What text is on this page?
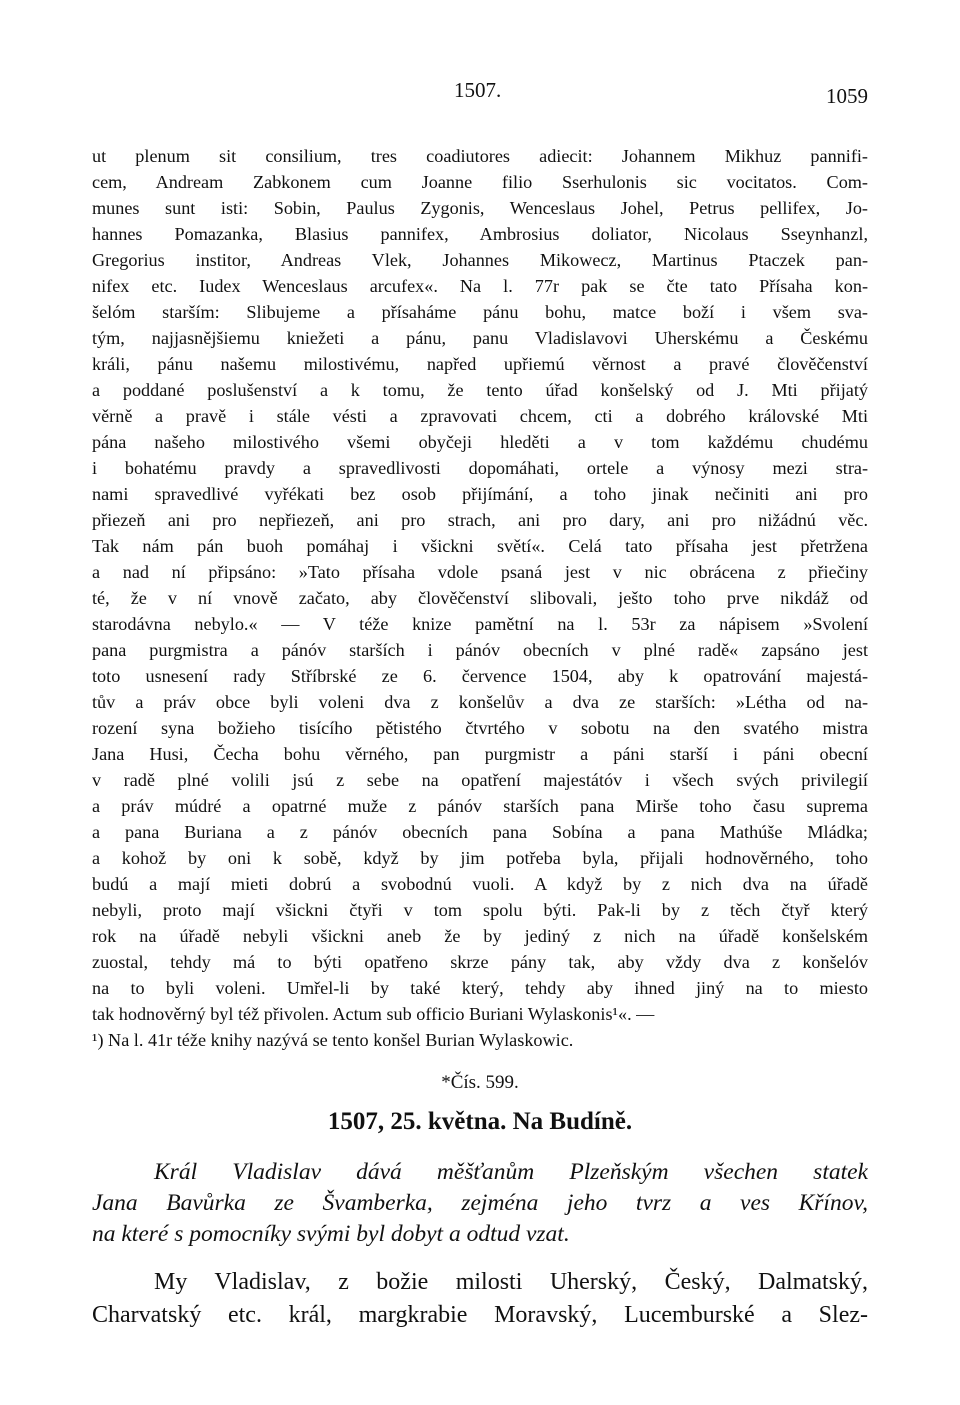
1507.	1059
ut plenum sit consilium, tres coadiutores adiecit: Johannem Mikhuz pannifi-
cem, Andream Zabkonem cum Joanne filio Sserhulonis sic vocitatos. Com-
munes sunt isti: Sobin, Paulus Zygonis, Wenceslaus Johel, Petrus pellifex, Jo-
hannes Pomazanka, Blasius pannifex, Ambrosius doliator, Nicolaus Sseynhanzl,
Gregorius institor, Andreas Vlek, Johannes Mikowecz, Martinus Ptaczek pan-
nifex etc. Iudex Wenceslaus arcufex«. Na l. 77r pak se čte tato Přísaha kon-
šelóm starším: Slibujeme a přísaháme pánu bohu, matce boží i všem sva-
tým, najjasnějšiemu kniežeti a pánu, panu Vladislavovi Uherskému a Českému
králi, pánu našemu milostivému, napřed upřiemú věrnost a pravé člověčenství
a poddané poslušenství a k tomu, že tento úřad konšelský od J. Mti přijatý
věrně a pravě i stále vésti a zpravovati chcem, cti a dobrého královské Mti
pána našeho milostivého všemi obyčeji hleděti a v tom každému chudému
i bohatému pravdy a spravedlivosti dopomáhati, ortele a výnosy mezi stra-
nami spravedlivé vyřékati bez osob přijímání, a toho jinak nečiniti ani pro
přiezeň ani pro nepřiezeň, ani pro strach, ani pro dary, ani pro nižádnú věc.
Tak nám pán buoh pomáhaj i všickni světí«. Celá tato přísaha jest přetržena
a nad ní připsáno: »Tato přísaha vdole psaná jest v nic obrácena z přiečiny
té, že v ní vnově začato, aby člověčenství slibovali, ješto toho prve nikdáž od
starodávna nebylo.« — V téže knize pamětní na l. 53r za nápisem »Svolení
pana purgmistra a pánóv starších i pánóv obecních v plné radě« zapsáno jest
toto usnesení rady Stříbrské ze 6. července 1504, aby k opatrování majestá-
tův a práv obce byli voleni dva z konšelův a dva ze starších: »Létha od na-
rození syna božieho tisícího pětistého čtvrtého v sobotu na den svatého mistra
Jana Husi, Čecha bohu věrného, pan purgmistr a páni starší i páni obecní
v radě plné volili jsú z sebe na opatření majestátóv i všech svých privilegií
a práv múdré a opatrné muže z pánóv starších pana Mirše toho času suprema
a pana Buriana a z pánóv obecních pana Sobína a pana Mathúše Mládka;
a kohož by oni k sobě, když by jim potřeba byla, přijali hodnověrného, toho
budú a mají mieti dobrú a svobodnú vuoli. A když by z nich dva na úřadě
nebyli, proto mají všickni čtyři v tom spolu býti. Pak-li by z těch čtyř který
rok na úřadě nebyli všickni aneb že by jediný z nich na úřadě konšelském
zuostal, tehdy má to býti opatřeno skrze pány tak, aby vždy dva z konšelóv
na to byli voleni. Umřel-li by také který, tehdy aby ihned jiný na to miesto
tak hodnověrný byl též přivolen. Actum sub officio Buriani Wylaskonis¹«. —
¹) Na l. 41r téže knihy nazývá se tento konšel Burian Wylaskowic.
*Čís. 599.
1507, 25. května. Na Budíně.
Král Vladislav dává měšťanům Plzeňským všechen statek
Jana Bavůrka ze Švamberka, zejména jeho tvrz a ves Křínov,
na které s pomocníky svými byl dobyt a odtud vzat.
My Vladislav, z božie milosti Uherský, Český, Dalmatský,
Charvatský etc. král, margkrabie Moravský, Lucemburské a Slez-
